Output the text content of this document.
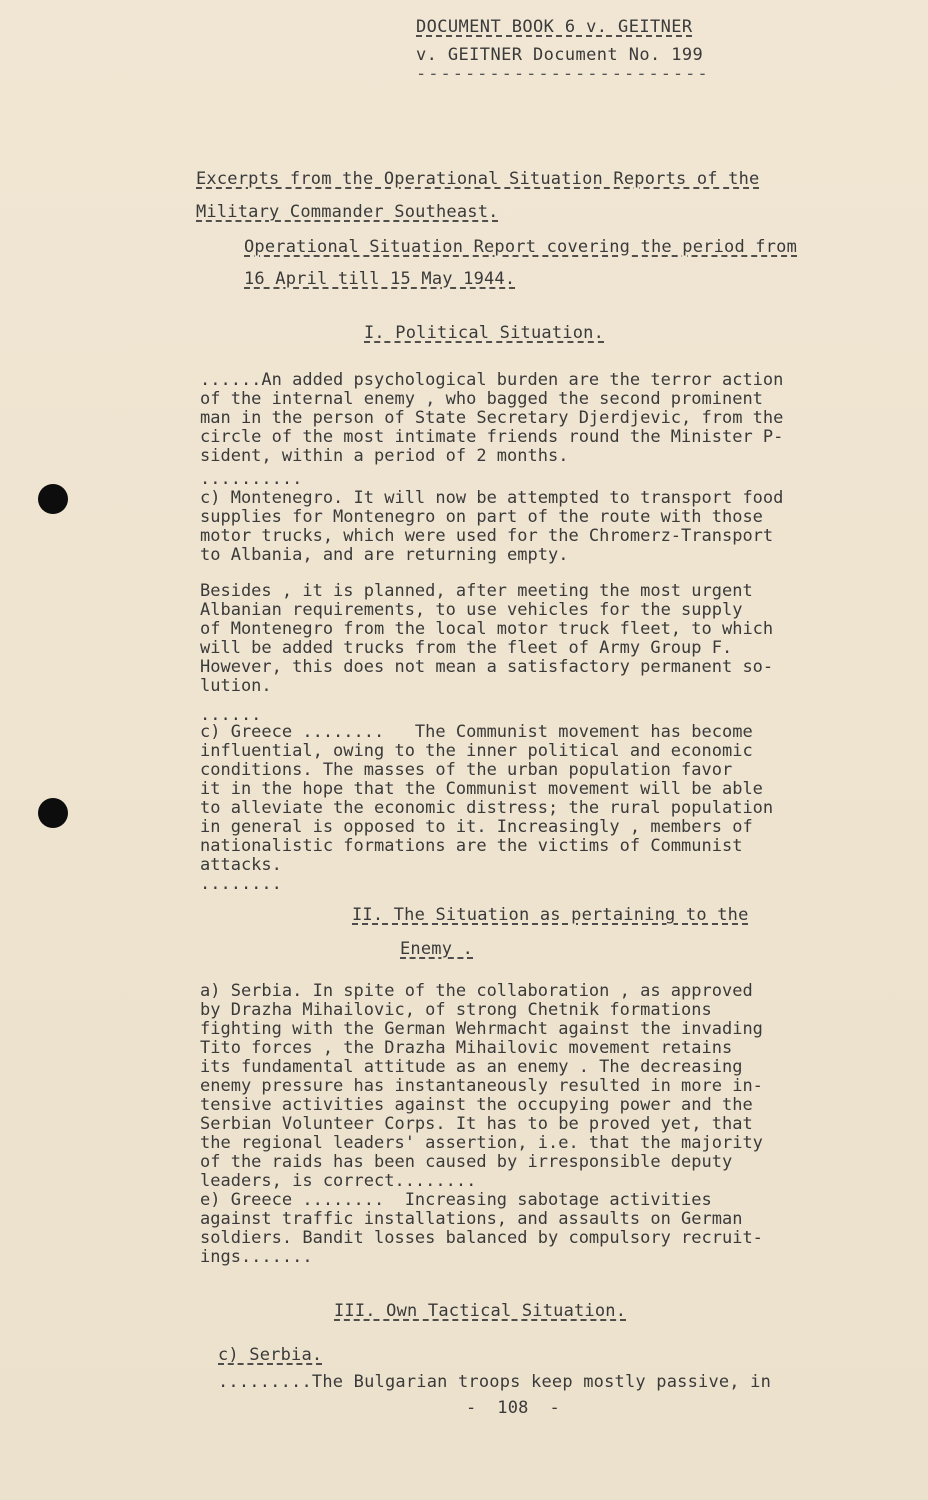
DOCUMENT BOOK 6 v. GEITNER
v. GEITNER Document No. 199
------------------------
Excerpts from the Operational Situation Reports of the
Military Commander Southeast.
Operational Situation Report covering the period from
16 April till 15 May 1944.
I. Political Situation.
......An added psychological burden are the terror action
of the internal enemy , who bagged the second prominent
man in the person of State Secretary Djerdjevic, from the
circle of the most intimate friends round the Minister P-
sident, within a period of 2 months.
..........
c) Montenegro. It will now be attempted to transport food
supplies for Montenegro on part of the route with those
motor trucks, which were used for the Chromerz-Transport
to Albania, and are returning empty.
Besides , it is planned, after meeting the most urgent
Albanian requirements, to use vehicles for the supply
of Montenegro from the local motor truck fleet, to which
will be added trucks from the fleet of Army Group F.
However, this does not mean a satisfactory permanent so-
lution.
......
c) Greece ........   The Communist movement has become
influential, owing to the inner political and economic
conditions. The masses of the urban population favor
it in the hope that the Communist movement will be able
to alleviate the economic distress; the rural population
in general is opposed to it. Increasingly , members of
nationalistic formations are the victims of Communist
attacks.
........
II. The Situation as pertaining to the
Enemy .
a) Serbia. In spite of the collaboration , as approved
by Drazha Mihailovic, of strong Chetnik formations
fighting with the German Wehrmacht against the invading
Tito forces , the Drazha Mihailovic movement retains
its fundamental attitude as an enemy . The decreasing
enemy pressure has instantaneously resulted in more in-
tensive activities against the occupying power and the
Serbian Volunteer Corps. It has to be proved yet, that
the regional leaders' assertion, i.e. that the majority
of the raids has been caused by irresponsible deputy
leaders, is correct........
e) Greece ........  Increasing sabotage activities
against traffic installations, and assaults on German
soldiers. Bandit losses balanced by compulsory recruit-
ings.......
III. Own Tactical Situation.
c) Serbia.
.........The Bulgarian troops keep mostly passive, in
-  108  -
